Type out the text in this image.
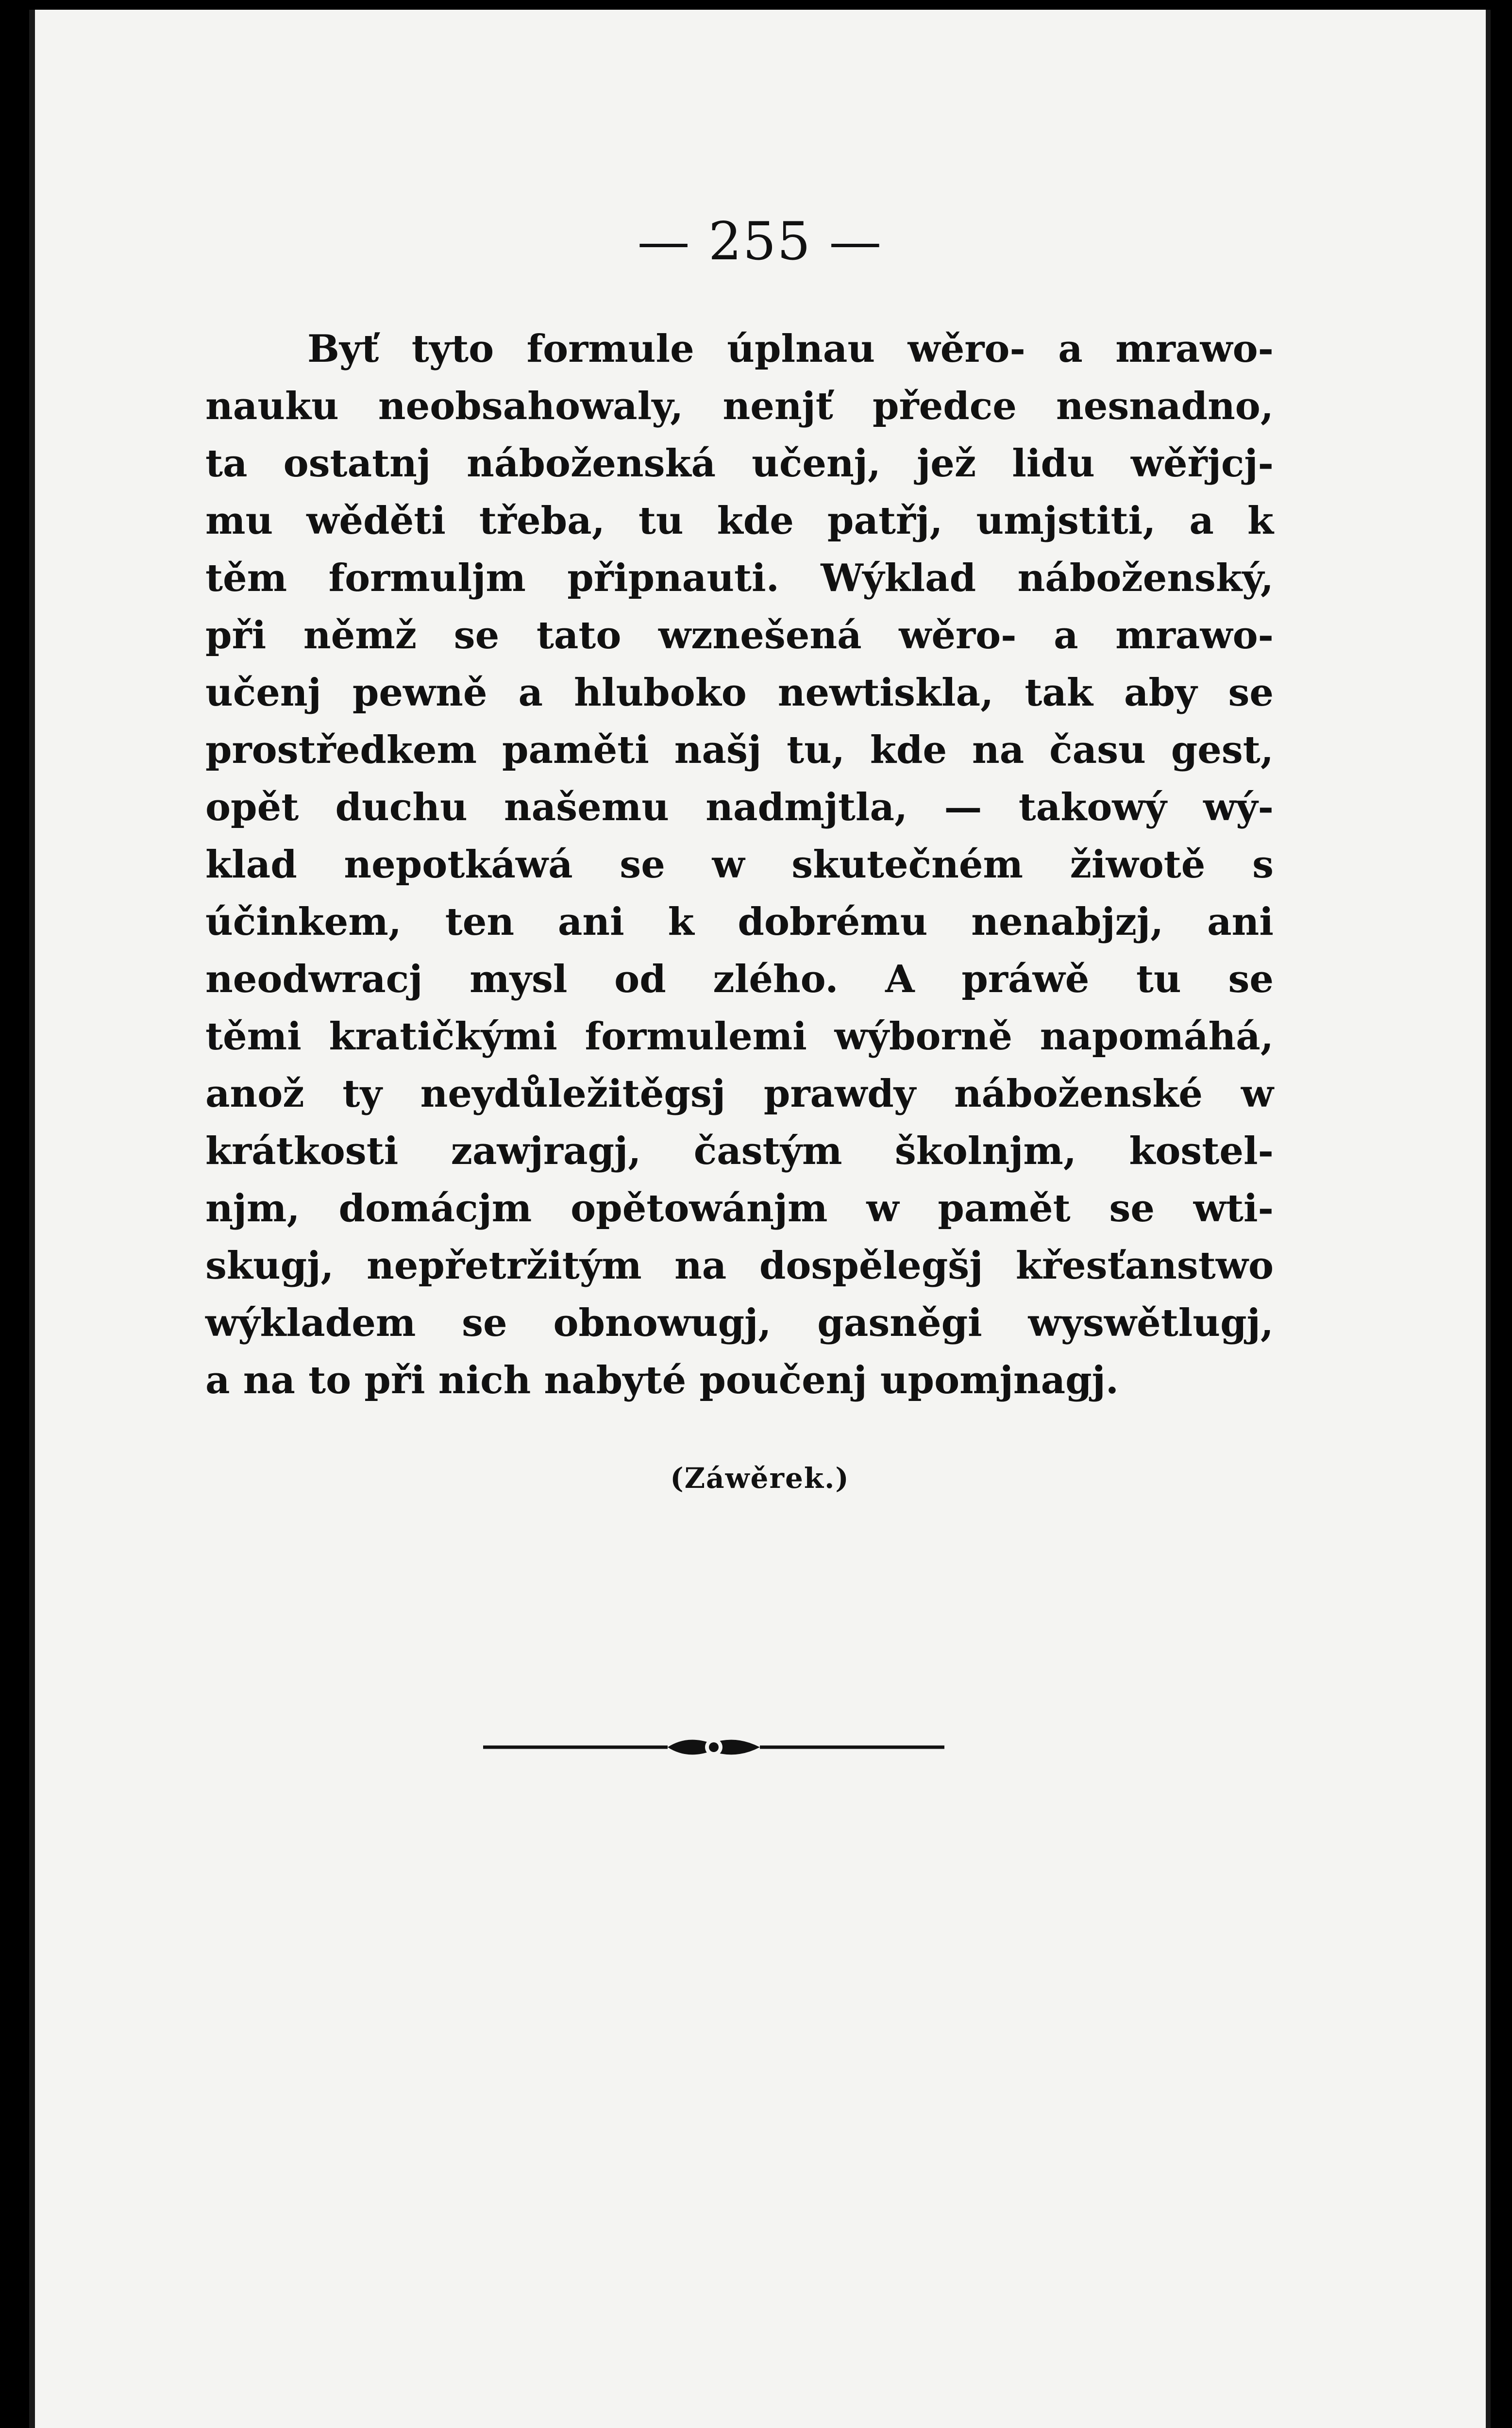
— 255 —
Byť tyto formule úplnau wěro- a mrawo-
nauku neobsahowaly, nenjť předce nesnadno,
ta ostatnj náboženská učenj, jež lidu wěřjcj-
mu wěděti třeba, tu kde patřj, umjstiti, a k
těm formuljm připnauti. Wýklad náboženský,
při němž se tato wznešená wěro- a mrawo-
učenj pewně a hluboko newtiskla, tak aby se
prostředkem paměti našj tu, kde na času gest,
opět duchu našemu nadmjtla, — takowý wý-
klad nepotkáwá se w skutečném žiwotě s
účinkem, ten ani k dobrému nenabjzj, ani
neodwracj mysl od zlého. A práwě tu se
těmi kratičkými formulemi wýborně napomáhá,
anož ty neydůležitěgsj prawdy náboženské w
krátkosti zawjragj, častým školnjm, kostel-
njm, domácjm opětowánjm w pamět se wti-
skugj, nepřetržitým na dospělegšj křesťanstwo
wýkladem se obnowugj, gasněgi wyswětlugj,
a na to při nich nabyté poučenj upomjnagj.
(Záwěrek.)
